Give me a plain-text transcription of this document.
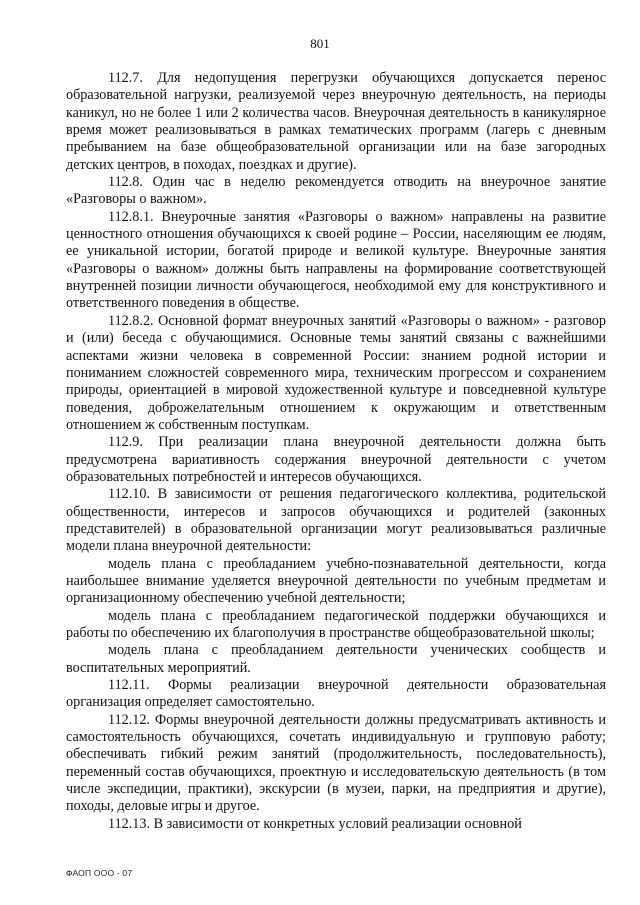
801

112.7. Для недопущения перегрузки обучающихся допускается перенос образовательной нагрузки, реализуемой через внеурочную деятельность, на периоды каникул, но не более 1 или 2 количества часов. Внеурочная деятельность в каникулярное время может реализовываться в рамках тематических программ (лагерь с дневным пребыванием на базе общеобразовательной организации или на базе загородных детских центров, в походах, поездках и другие).

112.8. Один час в неделю рекомендуется отводить на внеурочное занятие «Разговоры о важном».

112.8.1. Внеурочные занятия «Разговоры о важном» направлены на развитие ценностного отношения обучающихся к своей родине – России, населяющим ее людям, ее уникальной истории, богатой природе и великой культуре. Внеурочные занятия «Разговоры о важном» должны быть направлены на формирование соответствующей внутренней позиции личности обучающегося, необходимой ему для конструктивного и ответственного поведения в обществе.

112.8.2. Основной формат внеурочных занятий «Разговоры о важном» - разговор и (или) беседа с обучающимися. Основные темы занятий связаны с важнейшими аспектами жизни человека в современной России: знанием родной истории и пониманием сложностей современного мира, техническим прогрессом и сохранением природы, ориентацией в мировой художественной культуре и повседневной культуре поведения, доброжелательным отношением к окружающим и ответственным отношением ж собственным поступкам.

112.9. При реализации плана внеурочной деятельности должна быть предусмотрена вариативность содержания внеурочной деятельности с учетом образовательных потребностей и интересов обучающихся.

112.10. В зависимости от решения педагогического коллектива, родительской общественности, интересов и запросов обучающихся и родителей (законных представителей) в образовательной организации могут реализовываться различные модели плана внеурочной деятельности:

модель плана с преобладанием учебно-познавательной деятельности, когда наибольшее внимание уделяется внеурочной деятельности по учебным предметам и организационному обеспечению учебной деятельности;

модель плана с преобладанием педагогической поддержки обучающихся и работы по обеспечению их благополучия в пространстве общеобразовательной школы;

модель плана с преобладанием деятельности ученических сообществ и воспитательных мероприятий.

112.11. Формы реализации внеурочной деятельности образовательная организация определяет самостоятельно.

112.12. Формы внеурочной деятельности должны предусматривать активность и самостоятельность обучающихся, сочетать индивидуальную и групповую работу; обеспечивать гибкий режим занятий (продолжительность, последовательность), переменный состав обучающихся, проектную и исследовательскую деятельность (в том числе экспедиции, практики), экскурсии (в музеи, парки, на предприятия и другие), походы, деловые игры и другое.

112.13. В зависимости от конкретных условий реализации основной

ФАОП ООО - 07
